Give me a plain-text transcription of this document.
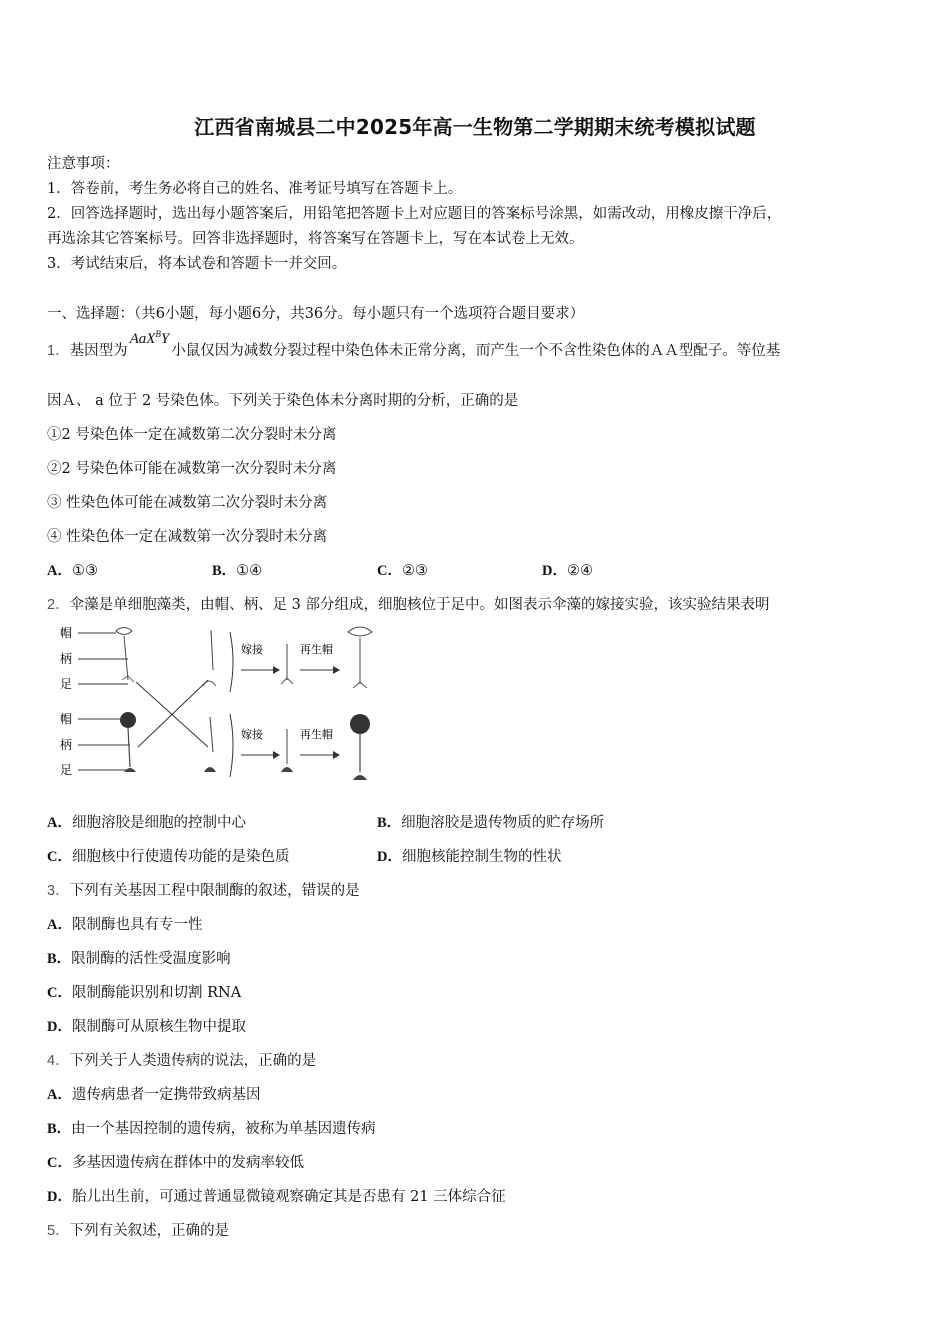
江西省南城县二中2025年高一生物第二学期期末统考模拟试题
注意事项：
1．答卷前，考生务必将自己的姓名、准考证号填写在答题卡上。
2．回答选择题时，选出每小题答案后，用铅笔把答题卡上对应题目的答案标号涂黑，如需改动，用橡皮擦干净后，
再选涂其它答案标号。回答非选择题时，将答案写在答题卡上，写在本试卷上无效。
3．考试结束后，将本试卷和答题卡一并交回。
一、选择题：（共6小题，每小题6分，共36分。每小题只有一个选项符合题目要求）
1．基因型为AaX$^B$Y小鼠仅因为减数分裂过程中染色体未正常分离，而产生一个不含性染色体的ＡＡ型配子。等位基
因Ａ、 a 位于 2 号染色体。下列关于染色体未分离时期的分析，正确的是
①2 号染色体一定在减数第二次分裂时未分离
②2 号染色体可能在减数第一次分裂时未分离
③ 性染色体可能在减数第二次分裂时未分离
④ 性染色体一定在减数第一次分裂时未分离
A．①③	B．①④	C．②③	D．②④
2．伞藻是单细胞藻类，由帽、柄、足 3 部分组成，细胞核位于足中。如图表示伞藻的嫁接实验，该实验结果表明
帽
柄
足
帽
柄
足
嫁接	再生帽
嫁接	再生帽
A．细胞溶胶是细胞的控制中心	B．细胞溶胶是遗传物质的贮存场所
C．细胞核中行使遗传功能的是染色质	D．细胞核能控制生物的性状
3．下列有关基因工程中限制酶的叙述，错误的是
A．限制酶也具有专一性
B．限制酶的活性受温度影响
C．限制酶能识别和切割 RNA
D．限制酶可从原核生物中提取
4．下列关于人类遗传病的说法，正确的是
A．遗传病患者一定携带致病基因
B．由一个基因控制的遗传病，被称为单基因遗传病
C．多基因遗传病在群体中的发病率较低
D．胎儿出生前，可通过普通显微镜观察确定其是否患有 21 三体综合征
5．下列有关叙述，正确的是
